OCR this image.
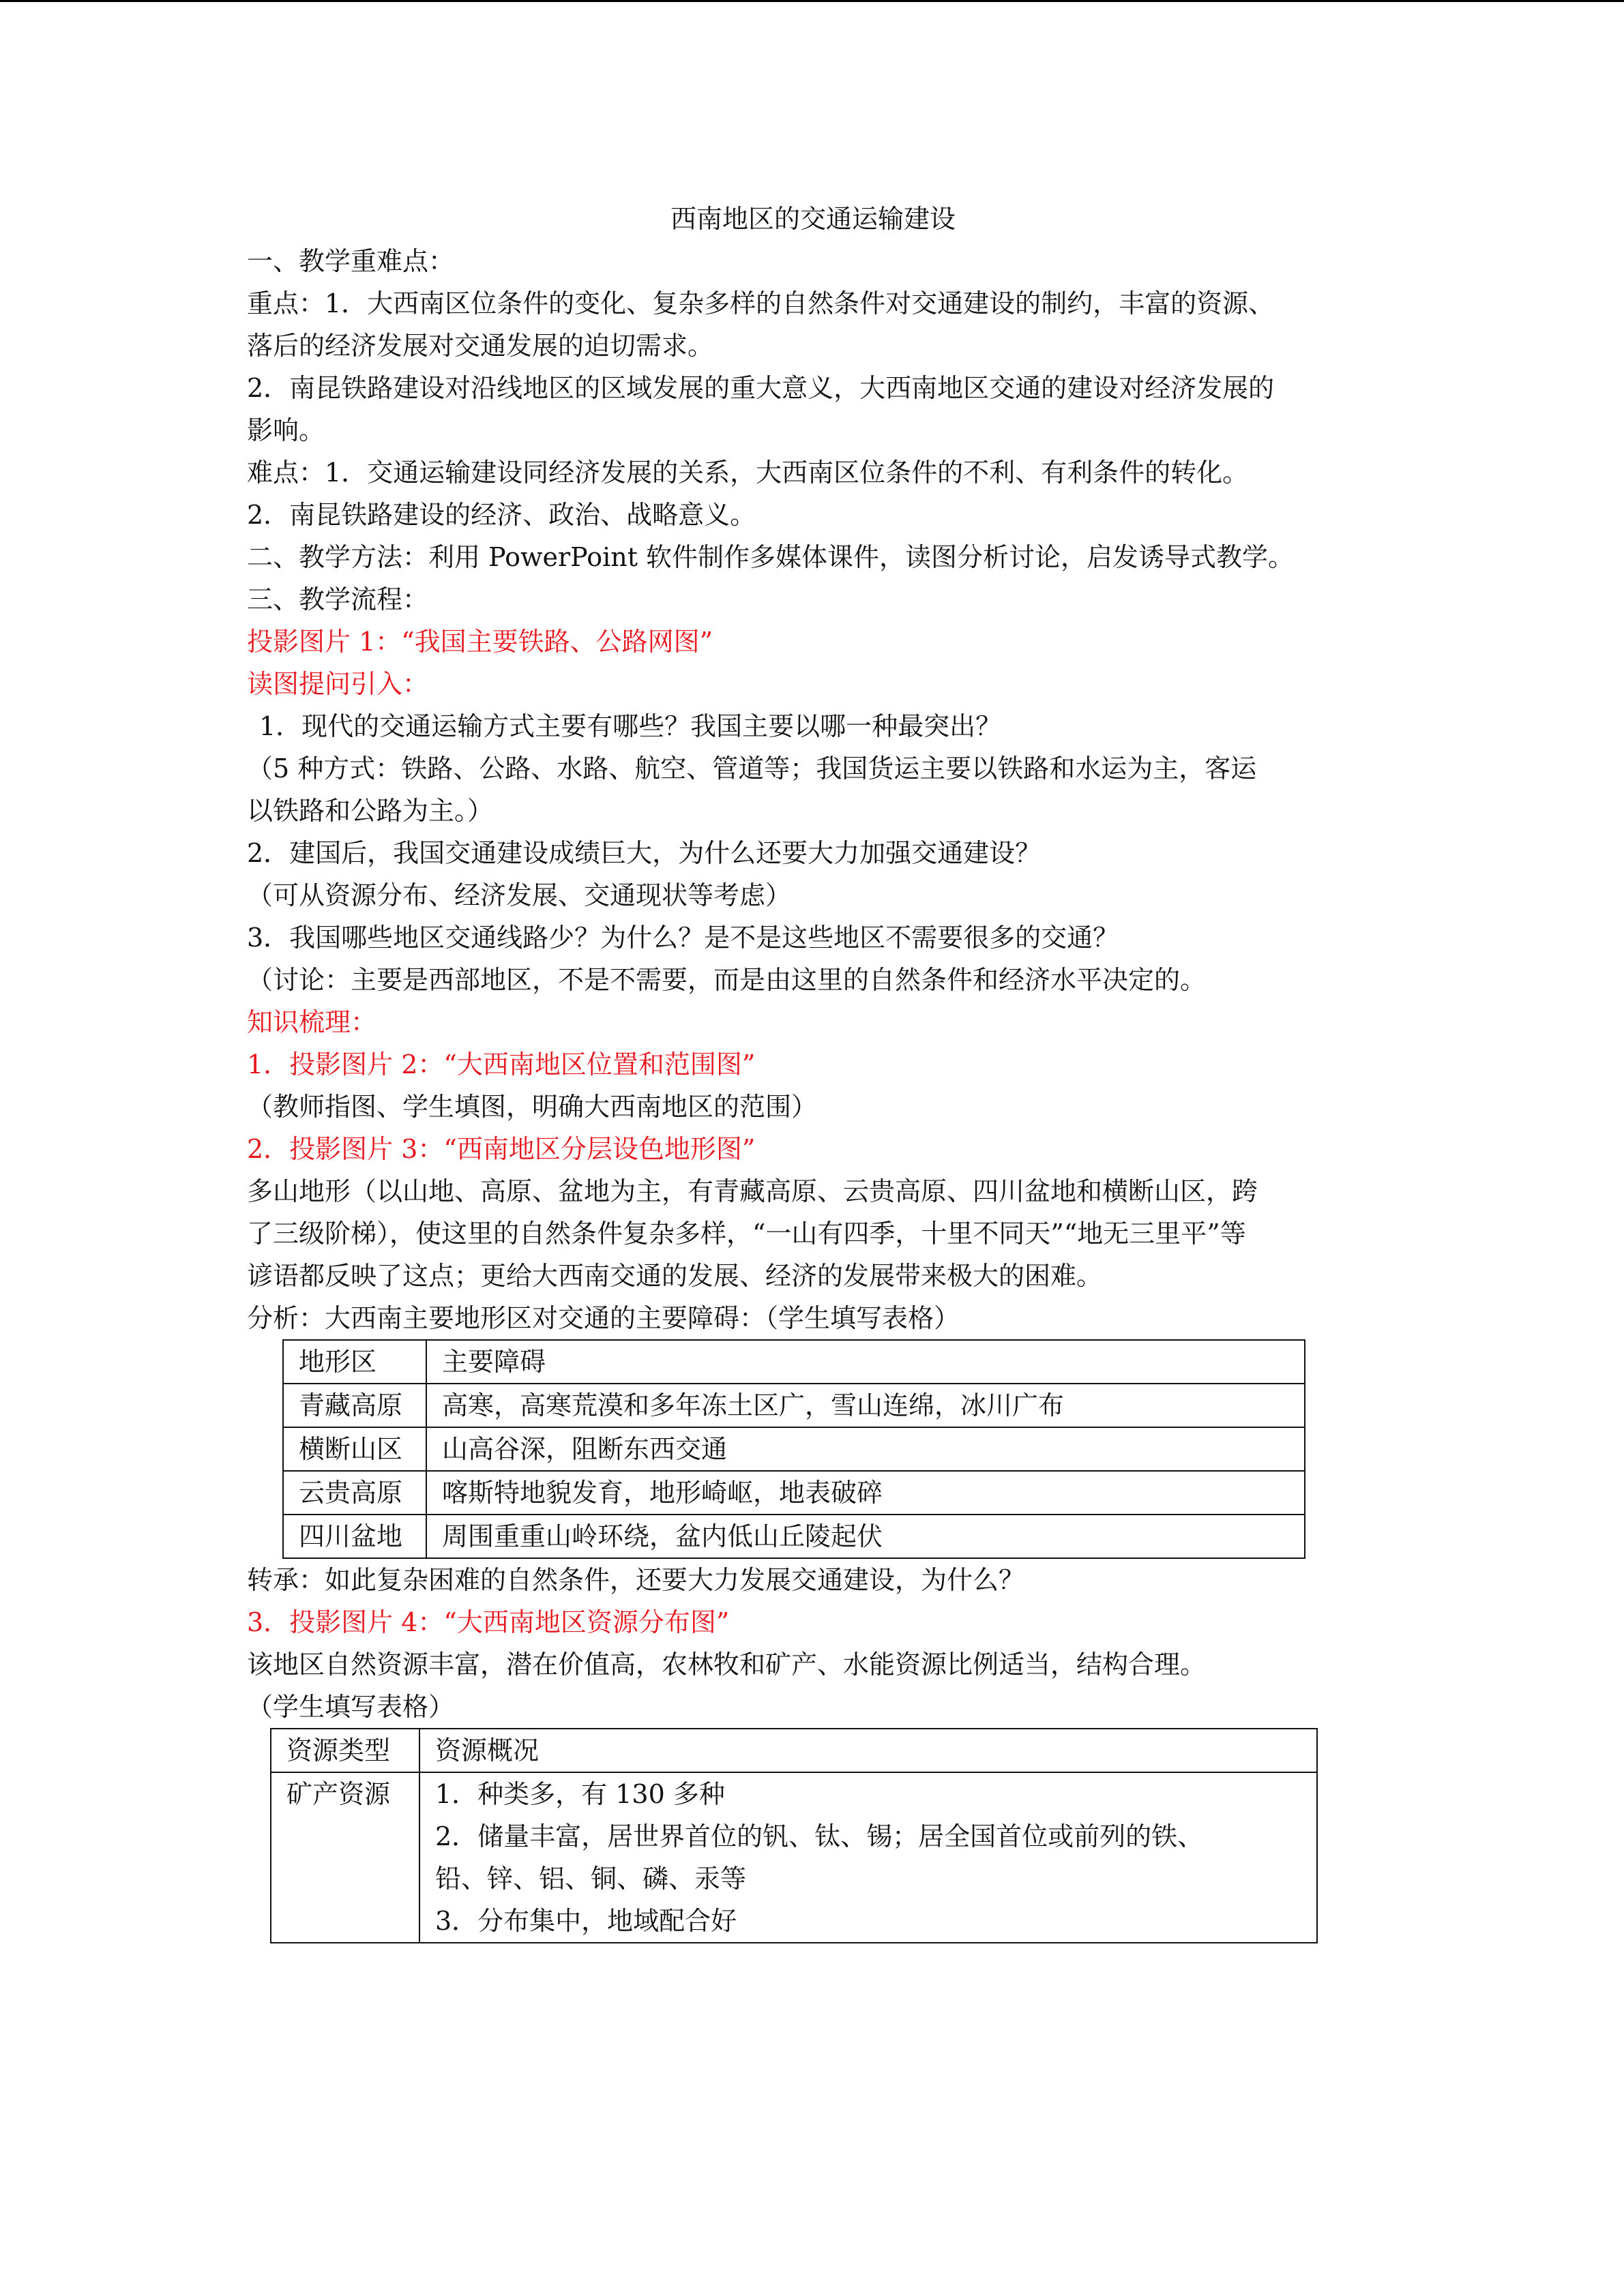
西南地区的交通运输建设
一、教学重难点：
重点：1．大西南区位条件的变化、复杂多样的自然条件对交通建设的制约，丰富的资源、
落后的经济发展对交通发展的迫切需求。
2．南昆铁路建设对沿线地区的区域发展的重大意义，大西南地区交通的建设对经济发展的
影响。
难点：1．交通运输建设同经济发展的关系，大西南区位条件的不利、有利条件的转化。
2．南昆铁路建设的经济、政治、战略意义。
二、教学方法：利用 PowerPoint 软件制作多媒体课件，读图分析讨论，启发诱导式教学。
三、教学流程：
投影图片 1：“我国主要铁路、公路网图”
读图提问引入：
1．现代的交通运输方式主要有哪些？我国主要以哪一种最突出？
（5 种方式：铁路、公路、水路、航空、管道等；我国货运主要以铁路和水运为主，客运
以铁路和公路为主。）
2．建国后，我国交通建设成绩巨大，为什么还要大力加强交通建设？
（可从资源分布、经济发展、交通现状等考虑）
3．我国哪些地区交通线路少？为什么？是不是这些地区不需要很多的交通？
（讨论：主要是西部地区，不是不需要，而是由这里的自然条件和经济水平决定的。
知识梳理：
1．投影图片 2：“大西南地区位置和范围图”
（教师指图、学生填图，明确大西南地区的范围）
2．投影图片 3：“西南地区分层设色地形图”
多山地形（以山地、高原、盆地为主，有青藏高原、云贵高原、四川盆地和横断山区，跨
了三级阶梯），使这里的自然条件复杂多样，“一山有四季，十里不同天”“地无三里平”等
谚语都反映了这点；更给大西南交通的发展、经济的发展带来极大的困难。
分析：大西南主要地形区对交通的主要障碍：（学生填写表格）
地形区	主要障碍
青藏高原	高寒，高寒荒漠和多年冻土区广，雪山连绵，冰川广布
横断山区	山高谷深，阻断东西交通
云贵高原	喀斯特地貌发育，地形崎岖，地表破碎
四川盆地	周围重重山岭环绕，盆内低山丘陵起伏
转承：如此复杂困难的自然条件，还要大力发展交通建设，为什么？
3．投影图片 4：“大西南地区资源分布图”
该地区自然资源丰富，潜在价值高，农林牧和矿产、水能资源比例适当，结构合理。
（学生填写表格）
资源类型	资源概况
矿产资源	1．种类多，有 130 多种
2．储量丰富，居世界首位的钒、钛、锡；居全国首位或前列的铁、
铅、锌、铝、铜、磷、汞等
3．分布集中，地域配合好
